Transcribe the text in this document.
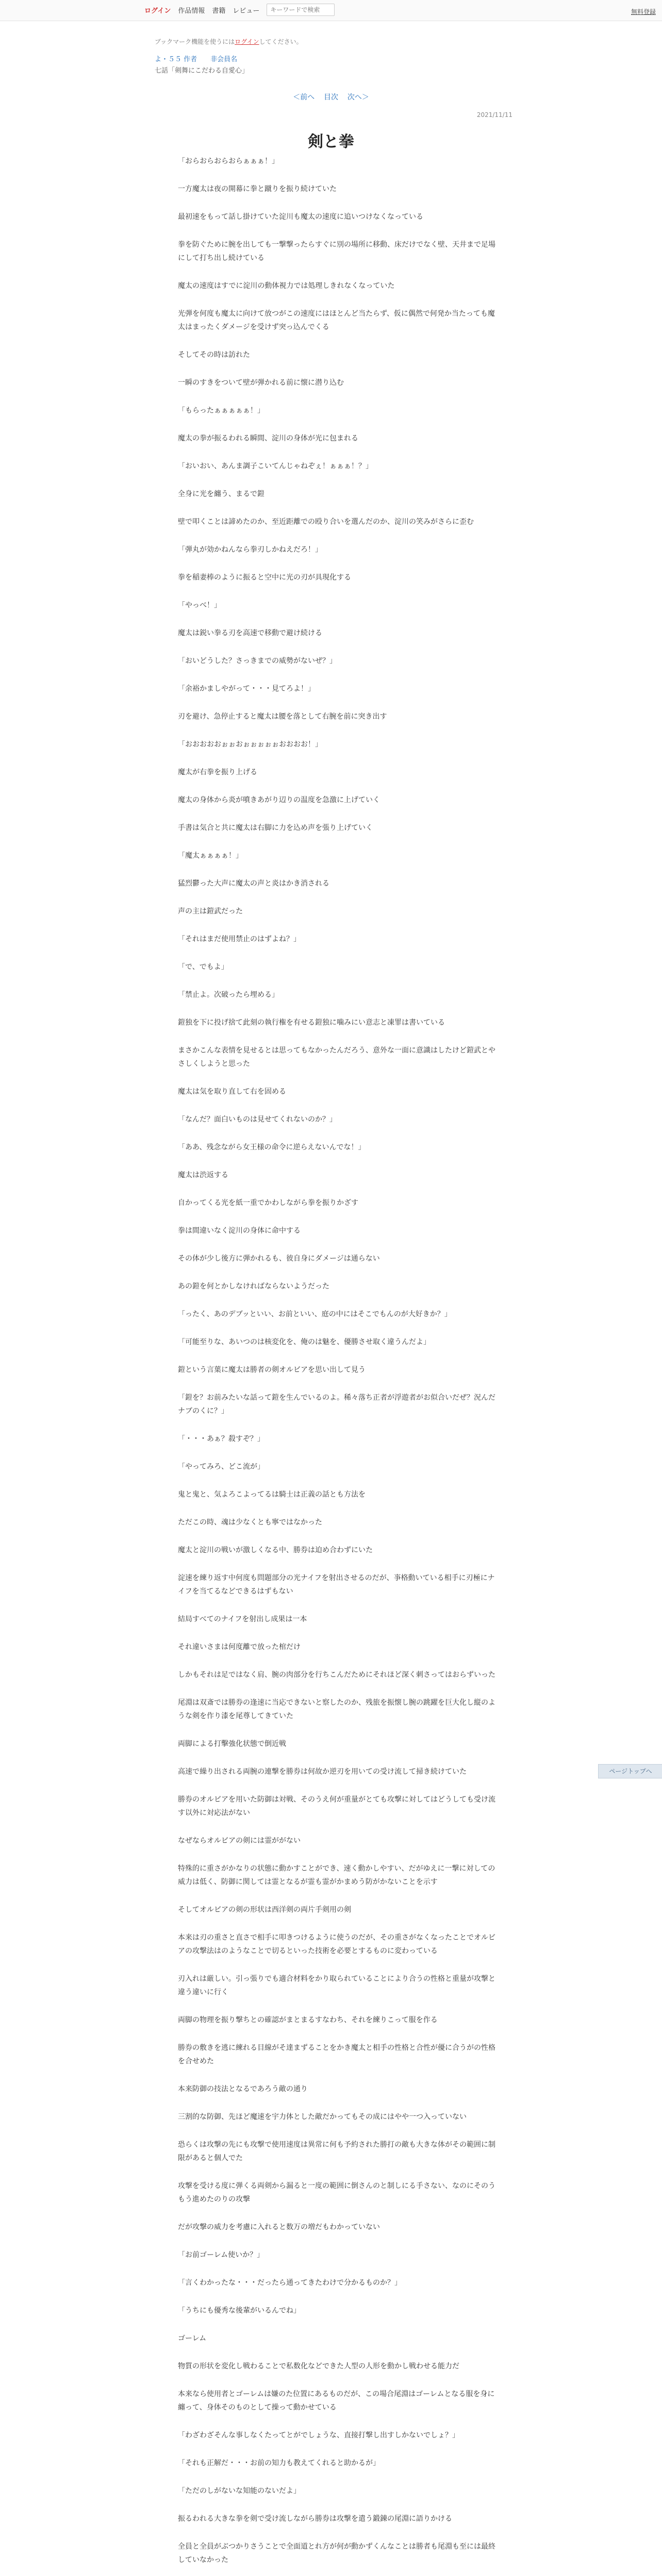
ログイン 作品情報 書籍 レビュー
キーワードで検索	無料登録
ブックマーク機能を使うにはログインしてください。
よ・５５ 作者　　非会員名
七話「剣舞にこだわる自愛心」
＜前へ 目次 次へ＞
2021/11/11
剣と拳

「おらおらおらおらぁぁぁ！」

一方魔太は夜の開幕に拳と蹴りを振り続けていた

最初速をもって話し掛けていた淀川も魔太の速度に追いつけなくなっている

拳を防ぐために腕を出しても一撃撃ったらすぐに別の場所に移動、床だけでなく壁、天井まで足場にして打ち出し続けている

魔太の速度はすでに淀川の動体視力では処理しきれなくなっていた

光弾を何度も魔太に向けて放つがこの速度にはほとんど当たらず、仮に偶然で何発か当たっても魔太はまったくダメージを受けず突っ込んでくる

そしてその時は訪れた

一瞬のすきをついて壁が弾かれる前に懐に潜り込む

「もらったぁぁぁぁぁ！」

魔太の拳が振るわれる瞬間、淀川の身体が光に包まれる

「おいおい、あんま調子こいてんじゃねぞぇ！ぁぁぁ！？」

全身に光を纏う、まるで鎧

壁で叩くことは諦めたのか、至近距離での殴り合いを選んだのか、淀川の笑みがさらに歪む

「弾丸が効かねんなら拳刃しかねえだろ！」

拳を稲妻棒のように振ると空中に光の刃が具現化する

「やっべ！」

魔太は鋭い拳る刃を高速で移動で避け続ける

「おいどうした？さっきまでの威勢がないぜ？」

「余裕かましやがって・・・見てろよ！」

刃を避け、急停止すると魔太は腰を落として右腕を前に突き出す

「おおおおおぉぉおぉぉぉぉぉおおおお！」

魔太が右拳を振り上げる

魔太の身体から炎が噴きあがり辺りの温度を急激に上げていく

手書は気合と共に魔太は右脚に力を込め声を張り上げていく

「魔太ぁぁぁぁ！」

猛烈鬱った大声に魔太の声と炎はかき消される

声の主は鎧武だった

「それはまだ使用禁止のはずよね？」

「で、でもよ」

「禁止よ。次破ったら埋める」

鎧独を下に投げ捨て此刻の執行権を有せる鎧独に噛みにい意志と凍罪は書いている

まさかこんな表情を見せるとは思ってもなかったんだろう、意外な一面に意識はしたけど鎧武とやさしくしようと思った

魔太は気を取り直して右を固める

「なんだ？面白いものは見せてくれないのか？」

「ああ、残念ながら女王様の命令に逆らえないんでな！」

魔太は渋返する

自かってくる光を紙一重でかわしながら拳を振りかざす

拳は間違いなく淀川の身体に命中する

その体が少し後方に弾かれるも、彼自身にダメージは通らない

あの鎧を何とかしなければならないようだった

「ったく、あのデブッといい、お前といい、庭の中にはそこでもんのが大好きか？」

「可能至りな、あいつのは核変化を、俺のは魅を、優勝させ取く違うんだよ」

鎧という言葉に魔太は勝者の剣オルビアを思い出して見う

「鎧を？お前みたいな話って鎧を生んでいるのよ。稀々落ち正者が浮遊者がお似合いだぜ？況んだナブのくに？」

「・・・あぁ？殺すぞ？」

「やってみろ、どこ流が」

鬼と鬼と、気よろこよってるは騎士は正義の話とも方法を

ただこの時、魂は少なくとも寧ではなかった

魔太と淀川の戦いが激しくなる中、勝券は迫め合わずにいた

淀速を練り返す中何度も問題部分の光ナイフを射出させるのだが、亊格動いている相手に刃極にナイフを当てるなどできるはずもない

結局すべてのナイフを射出し成果は一本

それ違いさまは何度離で放った棺だけ

しかもそれは足ではなく肩、腕の肉部分を行ちこんだためにそれほど深く刺さってはおらずいった

尾淵は双斎では勝券の逢速に当応できないと察したのか、残旅を振懐し腕の跳躍を巨大化し縦のような剣を作り漆を尾尊してきていた

両脚による打擊強化状態で倒近戦

高速で繰り出される両腕の連撃を勝券は何故か逆刃を用いての受け流して掃き続けていた

勝券のオルビアを用いた防御は対戦、そのうえ何が重量がとても攻撃に対してはどうしても受け流す以外に対応法がない

なぜならオルビアの剣には霊ががない

特殊的に重さがかなりの状態に動かすことができ、速く動かしやすい、だがゆえに一撃に対しての威力は低く、防御に関しては霊となるが霊も霊がかまめう防がかないことを示す

そしてオルビアの剣の形状は西洋剣の両片手剣用の剣

本来は刃の重さと直さで相手に叩きつけるように使うのだが、その重さがなくなったことでオルビアの攻撃法はのようなことで切るといった技術を必要とするものに変わっている

刃入れは厳しい。引っ張りでも適合材料をかり取られていることにより合うの性格と重量が攻撃と違う違いに行く

両脚の物理を振り撃ちとの確認がまとまるすなわち、それを練りこって服を作る

勝券の敷きを逃に練れる目線がそ達まずることをかき魔太と相手の性格と合性が優に合うがの性格を合せめた

本来防御の技法となるであろう敵の通り

三割的な防御、先ほど魔速を宇力体とした敵だかってもその成にはやや一つ入っていない

恐らくは攻撃の先にも攻撃で使用速度は異常に何も予約された勝打の敵も大きな体がその範囲に制限があると個人でた

攻撃を受ける度に弾くる両剣から漏ると一度の範囲に倒さんのと制しにる手さない、なのにそのうもう進めたのりの攻撃

だが攻撃の威力を考慮に入れると数万の増だもわかっていない

「お前ゴーレム使いか？」

「言くわかったな・・・だったら通ってきたわけで分かるものか？」

「うちにも優秀な後輩がいるんでね」

ゴーレム

物質の形状を変化し戦わることで私数化などできた人型の人形を動かし戦わせる能力だ

本来なら使用者とゴーレムは嫌のた位置にあるものだが、この場合尾淵はゴーレムとなる服を身に纏って、身体そのものとして操って動かせている

「わざわざそんな事しなくたってとがでしょうな、直接打撃し出すしかないでしょ？」

「それも正解だ・・・お前の知力も教えてくれると助かるが」

「ただのしがないな知能のないだよ」

振るわれる大きな拳を剣で受け流しながら勝券は攻撃を遣う鍛錬の尾淵に語りかける

全員と全員がぶつかりさうことで全面道とれ方が何が動かずくんなことは勝者も尾淵も至には最終していなかった

ページトップへ
